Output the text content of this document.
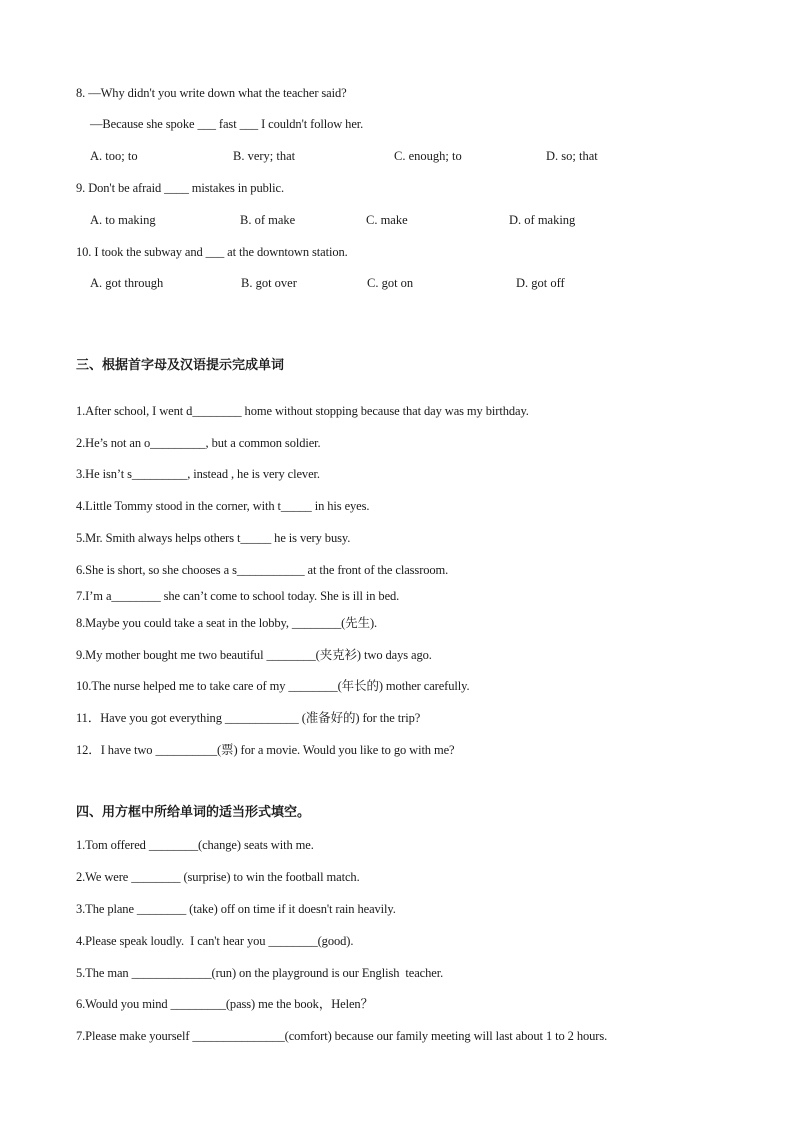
8. —Why didn't you write down what the teacher said?
—Because she spoke ___ fast ___ I couldn't follow her.
A. too; to	B. very; that	C. enough; to	D. so; that
9. Don't be afraid ____ mistakes in public.
A. to making	B. of make	C. make	D. of making
10. I took the subway and ___ at the downtown station.
A. got through	B. got over	C. got on	D. got off
三、根据首字母及汉语提示完成单词
1.After school, I went d________ home without stopping because that day was my birthday.
2.He’s not an o_________, but a common soldier.
3.He isn’t s_________, instead , he is very clever.
4.Little Tommy stood in the corner, with t_____ in his eyes.
5.Mr. Smith always helps others t_____ he is very busy.
6.She is short, so she chooses a s___________ at the front of the classroom.
7.I’m a________ she can’t come to school today. She is ill in bed.
8.Maybe you could take a seat in the lobby, ________(先生).
9.My mother bought me two beautiful ________(夹克衫) two days ago.
10.The nurse helped me to take care of my ________(年长的) mother carefully.
11．Have you got everything ____________ (准备好的) for the trip?
12．I have two __________(票) for a movie. Would you like to go with me?
四、用方框中所给单词的适当形式填空。
1.Tom offered ________(change) seats with me.
2.We were ________ (surprise) to win the football match.
3.The plane ________ (take) off on time if it doesn't rain heavily.
4.Please speak loudly.  I can't hear you ________(good).
5.The man _____________(run) on the playground is our English  teacher.
6.Would you mind _________(pass) me the book，Helen？
7.Please make yourself _______________(comfort) because our family meeting will last about 1 to 2 hours.
